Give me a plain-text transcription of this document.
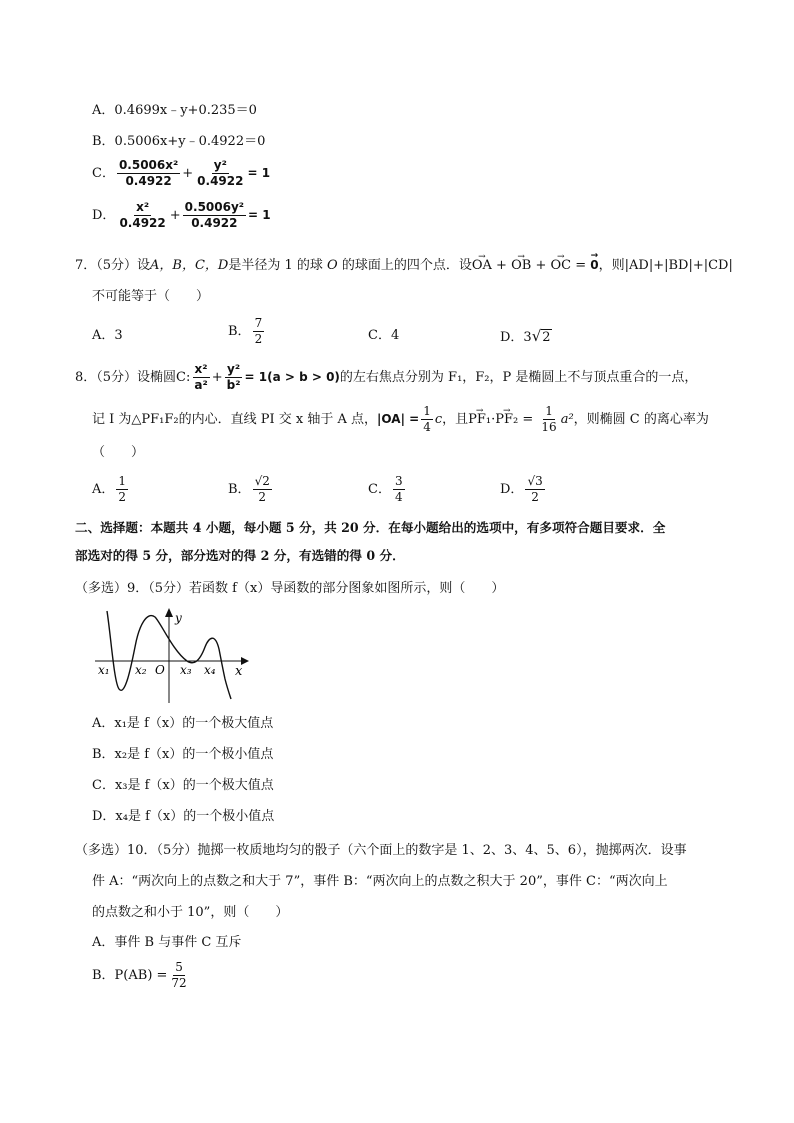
A．0.4699x﹣y+0.235＝0
B．0.5006x+y﹣0.4922＝0
C． $\frac{\text{0.5006x²}}{0.4922} + \frac{\text{y²}}{0.4922} = 1$
D． $\frac{\text{x²}}{0.4922} + \frac{\text{0.5006y²}}{0.4922} = 1$
7．（5分）设A，B，C，D是半径为 1 的球 O 的球面上的四个点．设→ OA + → OB + → OC = → 0，则|AD|+|BD|+|CD|
不可能等于（　　）
A．3	B． $\frac{7}{2}$	C．4	D．3√2
8．（5分）设椭圆C: $\frac{\text{x²}}{\text{a²}} + \frac{\text{y²}}{\text{b²}} = 1(a > b > 0)$的左右焦点分别为 F₁，F₂，P 是椭圆上不与顶点重合的一点，
记 I 为△PF₁F₂的内心．直线 PI 交 x 轴于 A 点，$|OA| = \frac{1}{4}$ c，且→ $PF_1\cdot\to PF_2 = \frac{1}{16} a^2$，则椭圆 C 的离心率为
（　　）
A． $\frac{1}{2}$	B． $\frac{√2}{2}$	C． $\frac{3}{4}$	D． $\frac{√3}{2}$
二、选择题：本题共 4 小题，每小题 5 分，共 20 分．在每小题给出的选项中，有多项符合题目要求．全
部选对的得 5 分，部分选对的得 2 分，有选错的得 0 分．
（多选）9．（5分）若函数 f（x）导函数的部分图象如图所示，则（　　）
y
x
O
x₁ x₂	x₃ x₄
A．x₁是 f（x）的一个极大值点
B．x₂是 f（x）的一个极小值点
C．x₃是 f（x）的一个极大值点
D．x₄是 f（x）的一个极小值点
（多选）10．（5分）抛掷一枚质地均匀的骰子（六个面上的数字是 1、2、3、4、5、6），抛掷两次．设事
件 A：“两次向上的点数之和大于 7”，事件 B：“两次向上的点数之积大于 20”，事件 C：“两次向上
的点数之和小于 10”，则（　　）
A．事件 B 与事件 C 互斥
B．$P(AB) = \frac{5}{72}$
